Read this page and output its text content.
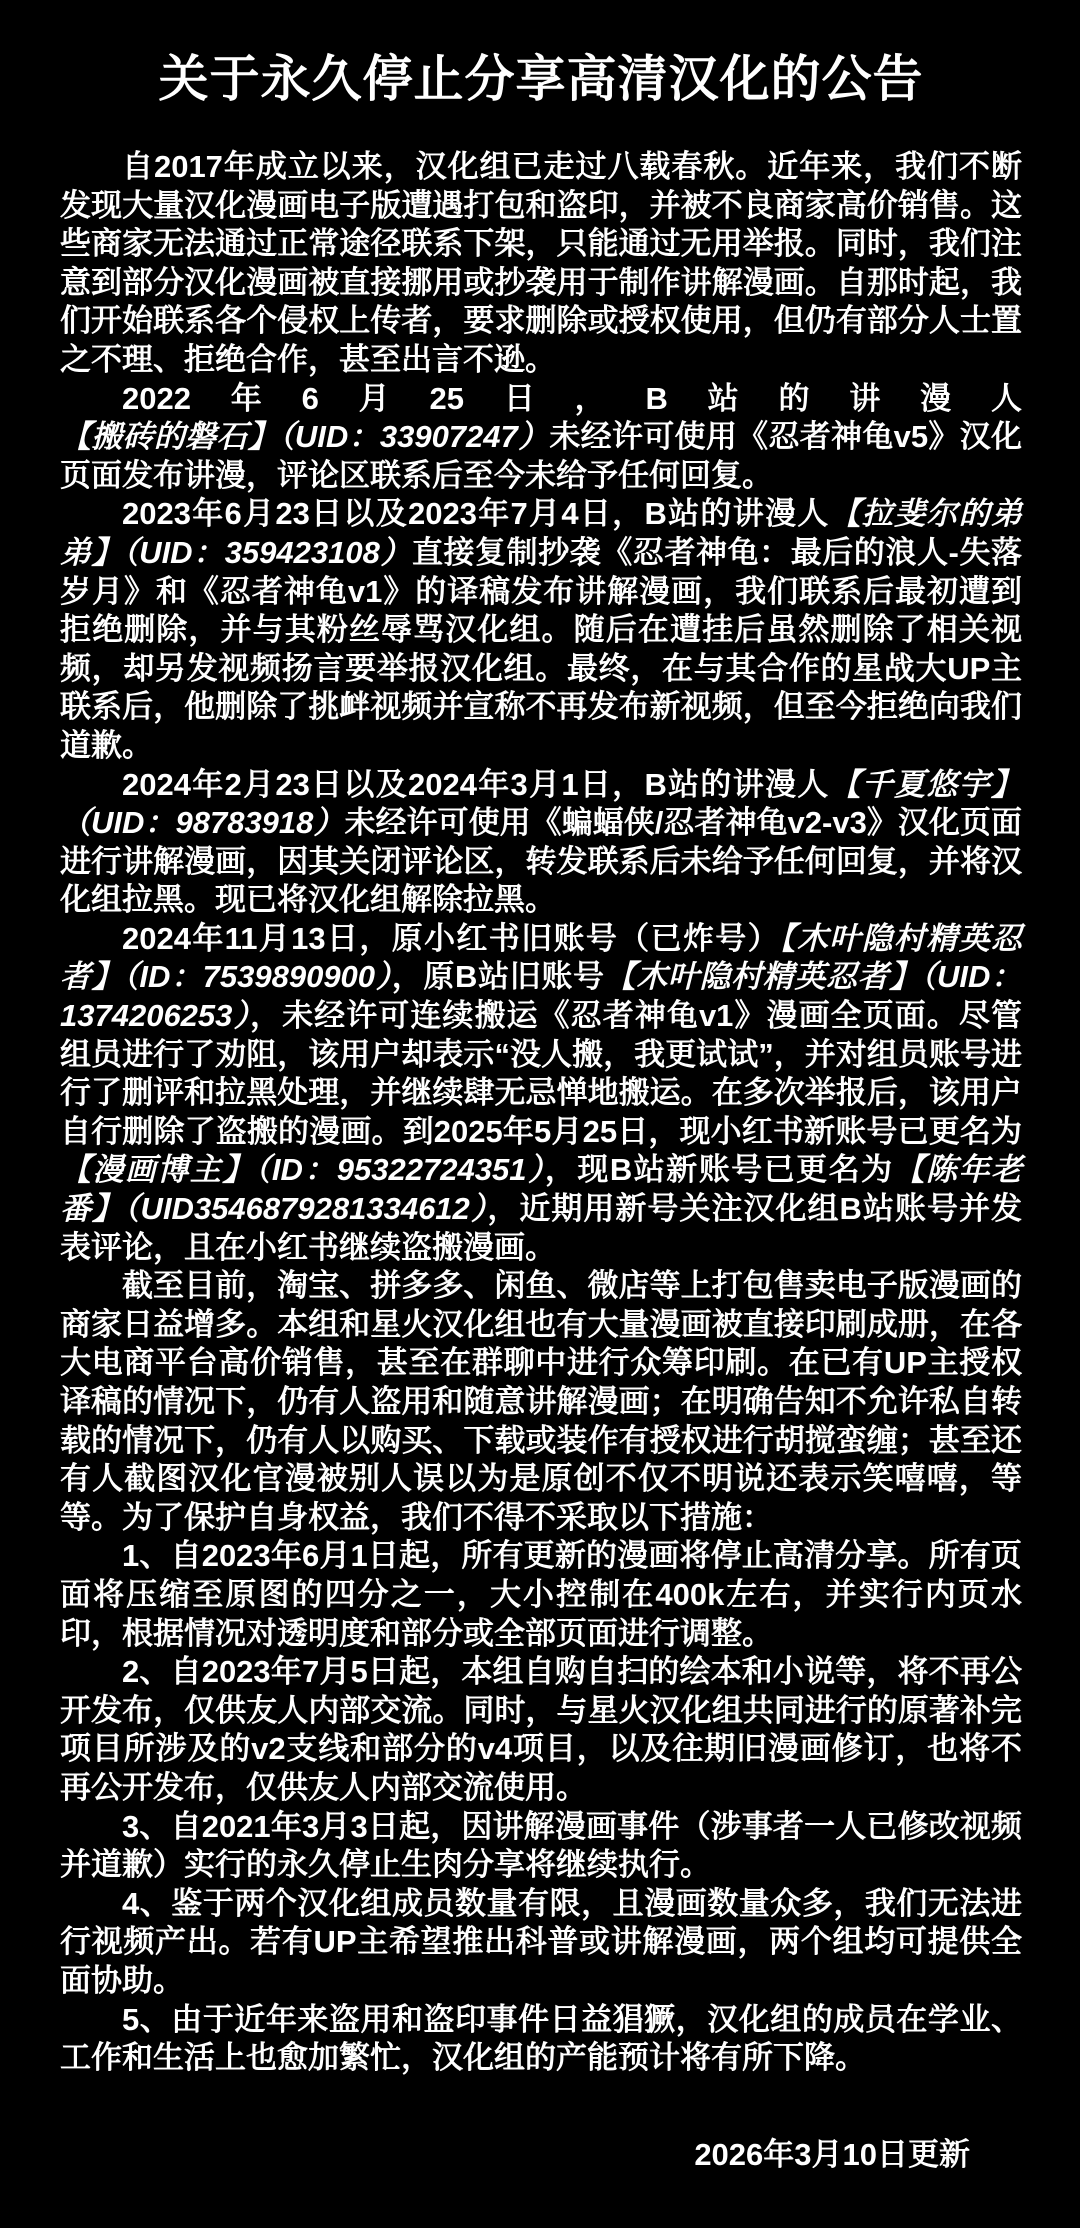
关于永久停止分享高清汉化的公告

自2017年成立以来，汉化组已走过八载春秋。近年来，我们不断发现大量汉化漫画电子版遭遇打包和盗印，并被不良商家高价销售。这些商家无法通过正常途径联系下架，只能通过无用举报。同时，我们注意到部分汉化漫画被直接挪用或抄袭用于制作讲解漫画。自那时起，我们开始联系各个侵权上传者，要求删除或授权使用，但仍有部分人士置之不理、拒绝合作，甚至出言不逊。

2022年6月25日，B站的讲漫人【搬砖的磐石】（UID：33907247）未经许可使用《忍者神龟v5》汉化页面发布讲漫，评论区联系后至今未给予任何回复。

2023年6月23日以及2023年7月4日，B站的讲漫人【拉斐尔的弟弟】（UID：359423108）直接复制抄袭《忍者神龟：最后的浪人-失落岁月》和《忍者神龟v1》的译稿发布讲解漫画，我们联系后最初遭到拒绝删除，并与其粉丝辱骂汉化组。随后在遭挂后虽然删除了相关视频，却另发视频扬言要举报汉化组。最终，在与其合作的星战大UP主联系后，他删除了挑衅视频并宣称不再发布新视频，但至今拒绝向我们道歉。

2024年2月23日以及2024年3月1日，B站的讲漫人【千夏悠宇】（UID：98783918）未经许可使用《蝙蝠侠/忍者神龟v2-v3》汉化页面进行讲解漫画，因其关闭评论区，转发联系后未给予任何回复，并将汉化组拉黑。现已将汉化组解除拉黑。

2024年11月13日，原小红书旧账号（已炸号）【木叶隐村精英忍者】（ID：7539890900），原B站旧账号【木叶隐村精英忍者】（UID：1374206253），未经许可连续搬运《忍者神龟v1》漫画全页面。尽管组员进行了劝阻，该用户却表示“没人搬，我更试试”，并对组员账号进行了删评和拉黑处理，并继续肆无忌惮地搬运。在多次举报后，该用户自行删除了盗搬的漫画。到2025年5月25日，现小红书新账号已更名为【漫画博主】（ID：95322724351），现B站新账号已更名为【陈年老番】（UID3546879281334612），近期用新号关注汉化组B站账号并发表评论，且在小红书继续盗搬漫画。

截至目前，淘宝、拼多多、闲鱼、微店等上打包售卖电子版漫画的商家日益增多。本组和星火汉化组也有大量漫画被直接印刷成册，在各大电商平台高价销售，甚至在群聊中进行众筹印刷。在已有UP主授权译稿的情况下，仍有人盗用和随意讲解漫画；在明确告知不允许私自转载的情况下，仍有人以购买、下载或装作有授权进行胡搅蛮缠；甚至还有人截图汉化官漫被别人误以为是原创不仅不明说还表示笑嘻嘻，等等。为了保护自身权益，我们不得不采取以下措施：

1、自2023年6月1日起，所有更新的漫画将停止高清分享。所有页面将压缩至原图的四分之一，大小控制在400k左右，并实行内页水印，根据情况对透明度和部分或全部页面进行调整。

2、自2023年7月5日起，本组自购自扫的绘本和小说等，将不再公开发布，仅供友人内部交流。同时，与星火汉化组共同进行的原著补完项目所涉及的v2支线和部分的v4项目，以及往期旧漫画修订，也将不再公开发布，仅供友人内部交流使用。

3、自2021年3月3日起，因讲解漫画事件（涉事者一人已修改视频并道歉）实行的永久停止生肉分享将继续执行。

4、鉴于两个汉化组成员数量有限，且漫画数量众多，我们无法进行视频产出。若有UP主希望推出科普或讲解漫画，两个组均可提供全面协助。

5、由于近年来盗用和盗印事件日益猖獗，汉化组的成员在学业、工作和生活上也愈加繁忙，汉化组的产能预计将有所下降。

2026年3月10日更新
